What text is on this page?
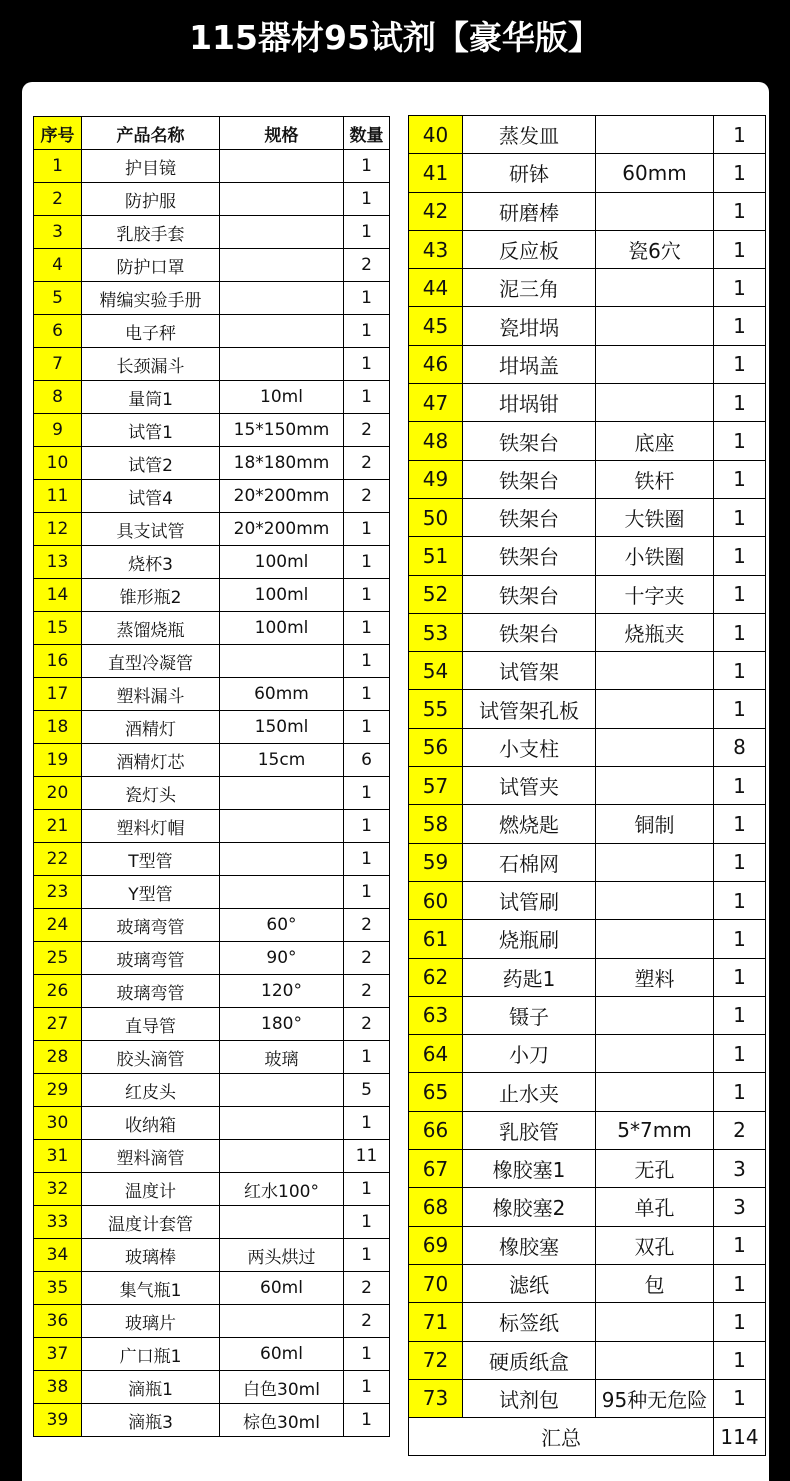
115器材95试剂【豪华版】
序号	产品名称	规格	数量
1	护目镜		1
2	防护服		1
3	乳胶手套		1
4	防护口罩		2
5	精编实验手册		1
6	电子秤		1
7	长颈漏斗		1
8	量筒1	10ml	1
9	试管1	15*150mm	2
10	试管2	18*180mm	2
11	试管4	20*200mm	2
12	具支试管	20*200mm	1
13	烧杯3	100ml	1
14	锥形瓶2	100ml	1
15	蒸馏烧瓶	100ml	1
16	直型冷凝管		1
17	塑料漏斗	60mm	1
18	酒精灯	150ml	1
19	酒精灯芯	15cm	6
20	瓷灯头		1
21	塑料灯帽		1
22	T型管		1
23	Y型管		1
24	玻璃弯管	60°	2
25	玻璃弯管	90°	2
26	玻璃弯管	120°	2
27	直导管	180°	2
28	胶头滴管	玻璃	1
29	红皮头		5
30	收纳箱		1
31	塑料滴管		11
32	温度计	红水100°	1
33	温度计套管		1
34	玻璃棒	两头烘过	1
35	集气瓶1	60ml	2
36	玻璃片		2
37	广口瓶1	60ml	1
38	滴瓶1	白色30ml	1
39	滴瓶3	棕色30ml	1
40	蒸发皿		1
41	研钵	60mm	1
42	研磨棒		1
43	反应板	瓷6穴	1
44	泥三角		1
45	瓷坩埚		1
46	坩埚盖		1
47	坩埚钳		1
48	铁架台	底座	1
49	铁架台	铁杆	1
50	铁架台	大铁圈	1
51	铁架台	小铁圈	1
52	铁架台	十字夹	1
53	铁架台	烧瓶夹	1
54	试管架		1
55	试管架孔板		1
56	小支柱		8
57	试管夹		1
58	燃烧匙	铜制	1
59	石棉网		1
60	试管刷		1
61	烧瓶刷		1
62	药匙1	塑料	1
63	镊子		1
64	小刀		1
65	止水夹		1
66	乳胶管	5*7mm	2
67	橡胶塞1	无孔	3
68	橡胶塞2	单孔	3
69	橡胶塞	双孔	1
70	滤纸	包	1
71	标签纸		1
72	硬质纸盒		1
73	试剂包	95种无危险	1
汇总			114
